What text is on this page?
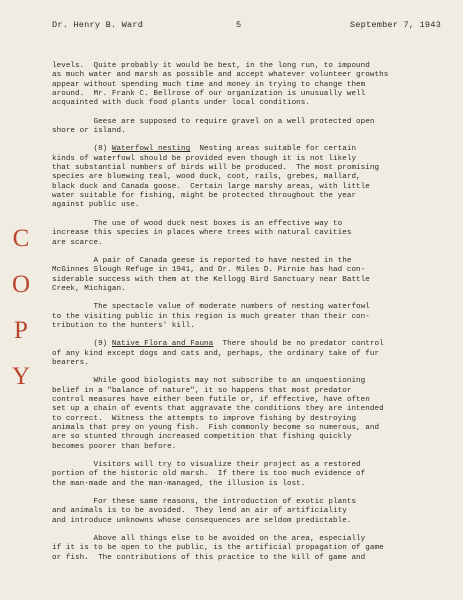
Dr. Henry B. Ward	5	September 7, 1943
C
O
P
Y
levels.  Quite probably it would be best, in the long run, to impound
as much water and marsh as possible and accept whatever volunteer growths
appear without spending much time and money in trying to change them
around.  Mr. Frank C. Bellrose of our organization is unusually well
acquainted with duck food plants under local conditions.
Geese are supposed to require gravel on a well protected open
shore or island.
(8) Waterfowl nesting  Nesting areas suitable for certain
kinds of waterfowl should be provided even though it is not likely
that substantial numbers of birds will be produced.  The most promising
species are bluewing teal, wood duck, coot, rails, grebes, mallard,
black duck and Canada goose.  Certain large marshy areas, with little
water suitable for fishing, might be protected throughout the year
against public use.
The use of wood duck nest boxes is an effective way to
increase this species in places where trees with natural cavities
are scarce.
A pair of Canada geese is reported to have nested in the
McGinnes Slough Refuge in 1941, and Dr. Miles D. Pirnie has had con-
siderable success with them at the Kellogg Bird Sanctuary near Battle
Creek, Michigan.
The spectacle value of moderate numbers of nesting waterfowl
to the visiting public in this region is much greater than their con-
tribution to the hunters' kill.
(9) Native Flora and Fauna  There should be no predator control
of any kind except dogs and cats and, perhaps, the ordinary take of fur
bearers.
While good biologists may not subscribe to an unquestioning
belief in a "balance of nature", it so happens that most predator
control measures have either been futile or, if effective, have often
set up a chain of events that aggravate the conditions they are intended
to correct.  Witness the attempts to improve fishing by destroying
animals that prey on young fish.  Fish commonly become so numerous, and
are so stunted through increased competition that fishing quickly
becomes poorer than before.
Visitors will try to visualize their project as a restored
portion of the historic old marsh.  If there is too much evidence of
the man-made and the man-managed, the illusion is lost.
For these same reasons, the introduction of exotic plants
and animals is to be avoided.  They lend an air of artificiality
and introduce unknowns whose consequences are seldom predictable.
Above all things else to be avoided on the area, especially
if it is to be open to the public, is the artificial propagation of game
or fish.  The contributions of this practice to the kill of game and
